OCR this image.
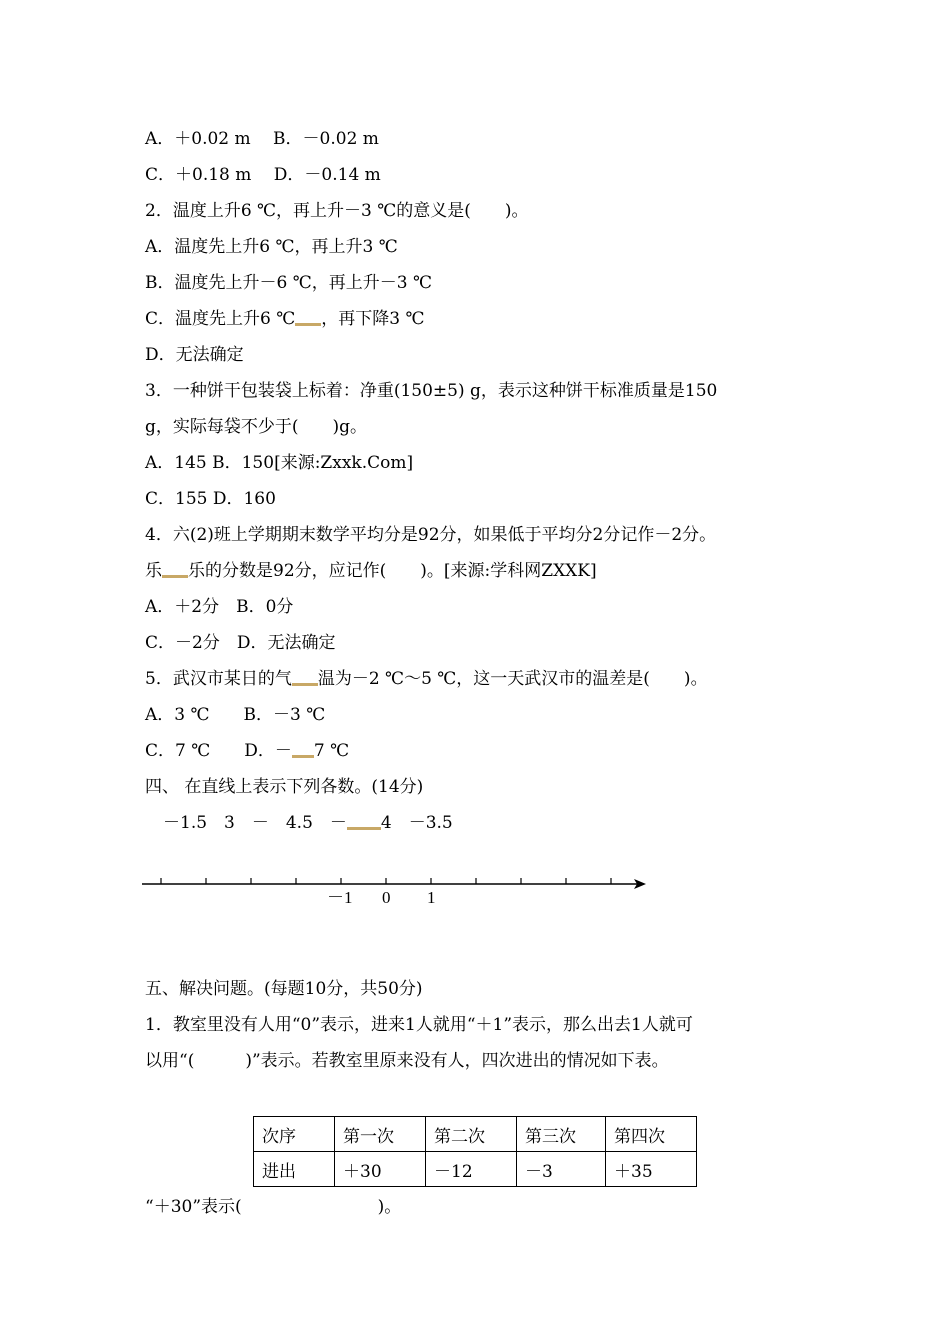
A．＋0.02 m　 B．－0.02 m
C．＋0.18 m　 D．－0.14 m
2．温度上升6 ℃，再上升－3 ℃的意义是(　　)。
A．温度先上升6 ℃，再上升3 ℃
B．温度先上升－6 ℃，再上升－3 ℃
C．温度先上升6 ℃ ，再下降3 ℃
D．无法确定
3．一种饼干包装袋上标着：净重(150±5) g，表示这种饼干标准质量是150
g，实际每袋不少于(　　)g。
A．145 B．150[来源:Zxxk.Com]
C．155 D．160
4．六(2)班上学期期末数学平均分是92分，如果低于平均分2分记作－2分。
乐 乐的分数是92分，应记作(　　)。[来源:学科网ZXXK]
A．＋2分　B．0分
C．－2分　D．无法确定
5．武汉市某日的气 温为－2 ℃～5 ℃，这一天武汉市的温差是(　　)。
A．3 ℃　　B．－3 ℃
C．7 ℃　　D．－ 7 ℃
四、 在直线上表示下列各数。(14分)
－1.5　3　－　4.5　－ 4　－3.5
－1 0 1
五、解决问题。(每题10分，共50分)
1．教室里没有人用“0”表示，进来1人就用“＋1”表示，那么出去1人就可
以用“(　　　)”表示。若教室里原来没有人，四次进出的情况如下表。
次序	第一次	第二次	第三次	第四次
进出	＋30	－12	－3	＋35
“＋30”表示(　　　　　　　　)。
